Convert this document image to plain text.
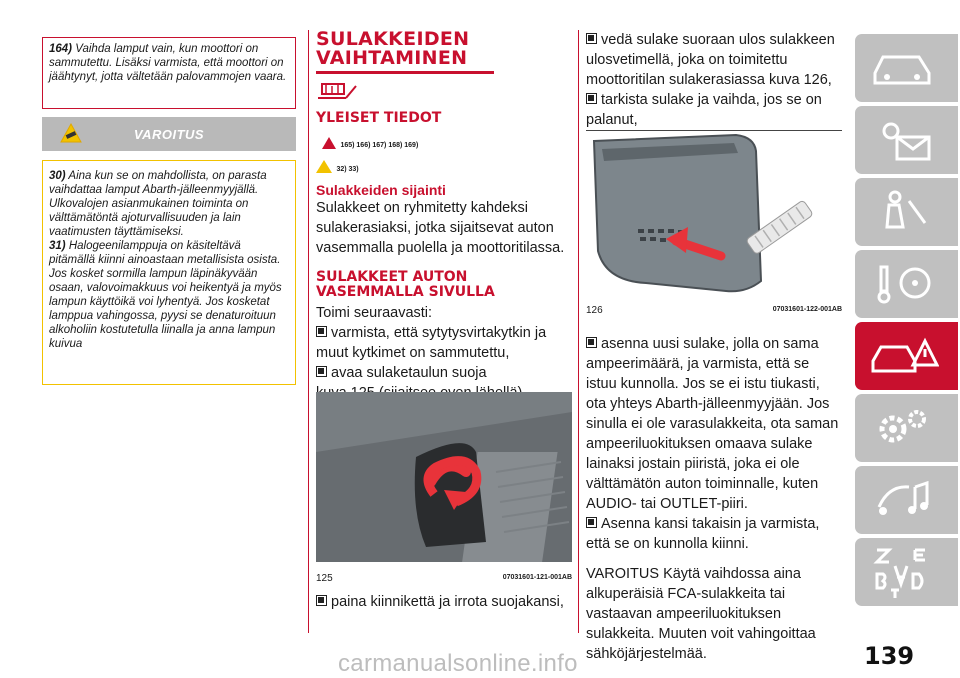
164) Vaihda lamput vain, kun moottori on sammutettu. Lisäksi varmista, että moottori on jäähtynyt, jotta vältetään palovammojen vaara.
VAROITUS

30) Aina kun se on mahdollista, on parasta vaihdattaa lamput Abarth-jälleenmyyjällä. Ulkovalojen asianmukainen toiminta on välttämätöntä ajoturvallisuuden ja lain vaatimusten täyttämiseksi.

31) Halogeenilamppuja on käsiteltävä pitämällä kiinni ainoastaan metallisista osista. Jos kosket sormilla lampun läpinäkyvään osaan, valovoimakkuus voi heikentyä ja myös lampun käyttöikä voi lyhentyä. Jos kosketat lamppua vahingossa, pyysi se denaturoituun alkoholiin kostutetulla liinalla ja anna lampun kuivua

SULAKKEIDEN
VAIHTAMINEN
YLEISET TIEDOT
165) 166) 167) 168) 169)
32) 33)
Sulakkeiden sijainti
Sulakkeet on ryhmitetty kahdeksi sulakerasiaksi, jotka sijaitsevat auton vasemmalla puolella ja moottoritilassa.
SULAKKEET AUTON
VASEMMALLA SIVULLA
Toimi seuraavasti:
varmista, että sytytysvirtakytkin ja muut kytkimet on sammutettu,
avaa sulaketaulun suoja
125	07031601-121-001AB
paina kiinnikettä ja irrota suojakansi,
vedä sulake suoraan ulos sulakkeen ulosvetimellä, joka on toimitettu moottoritilan sulakerasiassa kuva 126,
tarkista sulake ja vaihda, jos se on palanut,
126	07031601-122-001AB
asenna uusi sulake, jolla on sama ampeerimäärä, ja varmista, että se istuu kunnolla. Jos se ei istu tiukasti, ota yhteys Abarth-jälleenmyyjään. Jos sinulla ei ole varasulakkeita, ota saman ampeeriluokituksen omaava sulake lainaksi jostain piiristä, joka ei ole välttämätön auton toiminnalle, kuten AUDIO- tai OUTLET-piiri.
Asenna kansi takaisin ja varmista, että se on kunnolla kiinni.
VAROITUS Käytä vaihdossa aina alkuperäisiä FCA-sulakkeita tai vastaavan ampeeriluokituksen sulakkeita. Muuten voit vahingoittaa sähköjärjestelmää.	139
carmanualsonline.info
